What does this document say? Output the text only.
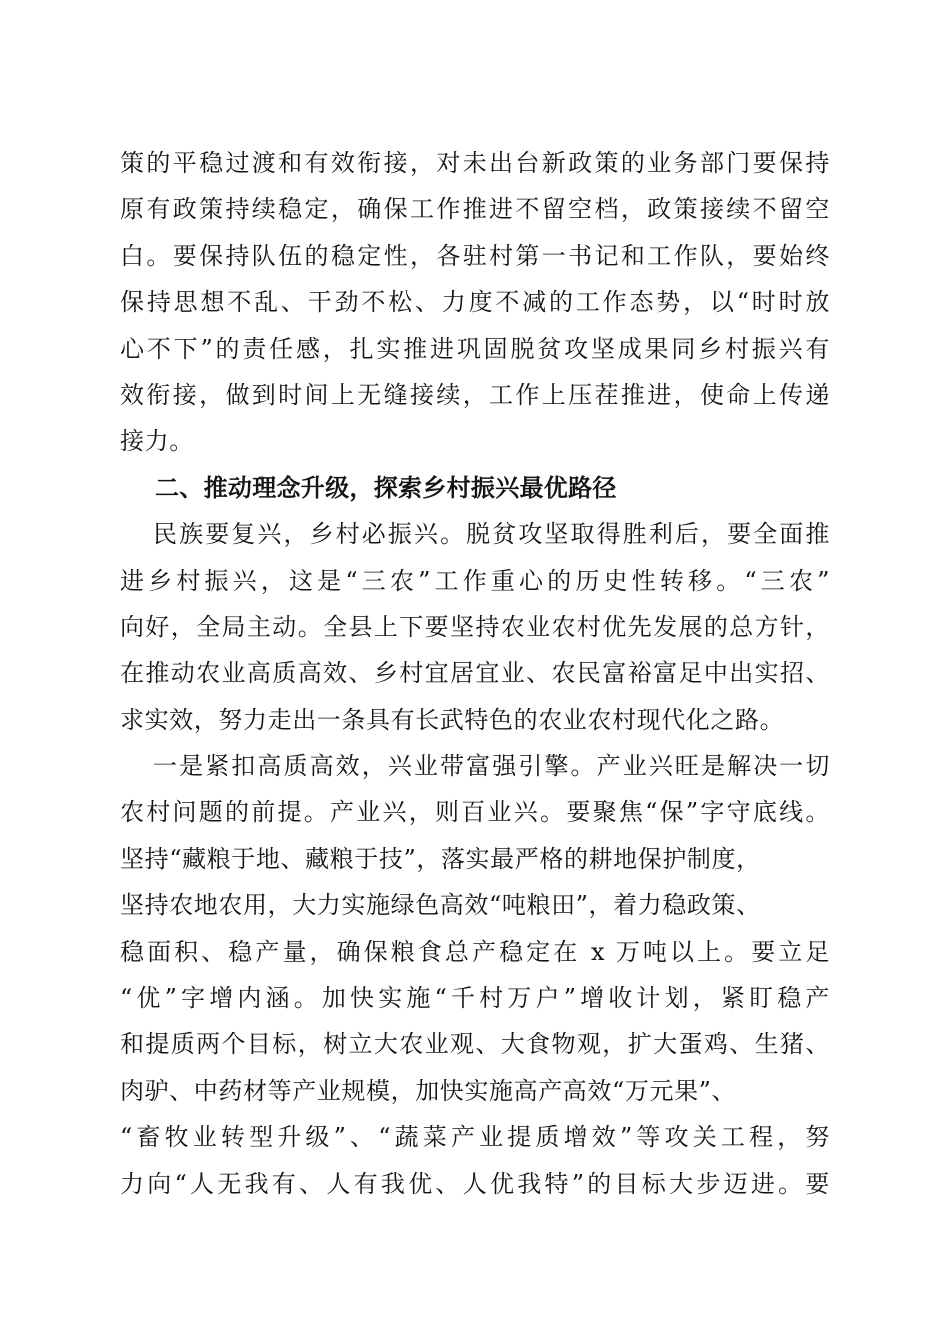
策的平稳过渡和有效衔接，对未出台新政策的业务部门要保持
原有政策持续稳定，确保工作推进不留空档，政策接续不留空
白。要保持队伍的稳定性，各驻村第一书记和工作队，要始终
保持思想不乱、干劲不松、力度不减的工作态势，以“时时放
心不下”的责任感，扎实推进巩固脱贫攻坚成果同乡村振兴有
效衔接，做到时间上无缝接续，工作上压茬推进，使命上传递
接力。
二、推动理念升级，探索乡村振兴最优路径
民族要复兴，乡村必振兴。脱贫攻坚取得胜利后，要全面推
进乡村振兴，这是“三农”工作重心的历史性转移。“三农”
向好，全局主动。全县上下要坚持农业农村优先发展的总方针，
在推动农业高质高效、乡村宜居宜业、农民富裕富足中出实招、
求实效，努力走出一条具有长武特色的农业农村现代化之路。
一是紧扣高质高效，兴业带富强引擎。产业兴旺是解决一切
农村问题的前提。产业兴，则百业兴。要聚焦“保”字守底线。
坚持“藏粮于地、藏粮于技”，落实最严格的耕地保护制度，
坚持农地农用，大力实施绿色高效“吨粮田”，着力稳政策、
稳面积、稳产量，确保粮食总产稳定在 x 万吨以上。要立足
“优”字增内涵。加快实施“千村万户”增收计划，紧盯稳产
和提质两个目标，树立大农业观、大食物观，扩大蛋鸡、生猪、
肉驴、中药材等产业规模，加快实施高产高效“万元果”、
“畜牧业转型升级”、“蔬菜产业提质增效”等攻关工程，努
力向“人无我有、人有我优、人优我特”的目标大步迈进。要
